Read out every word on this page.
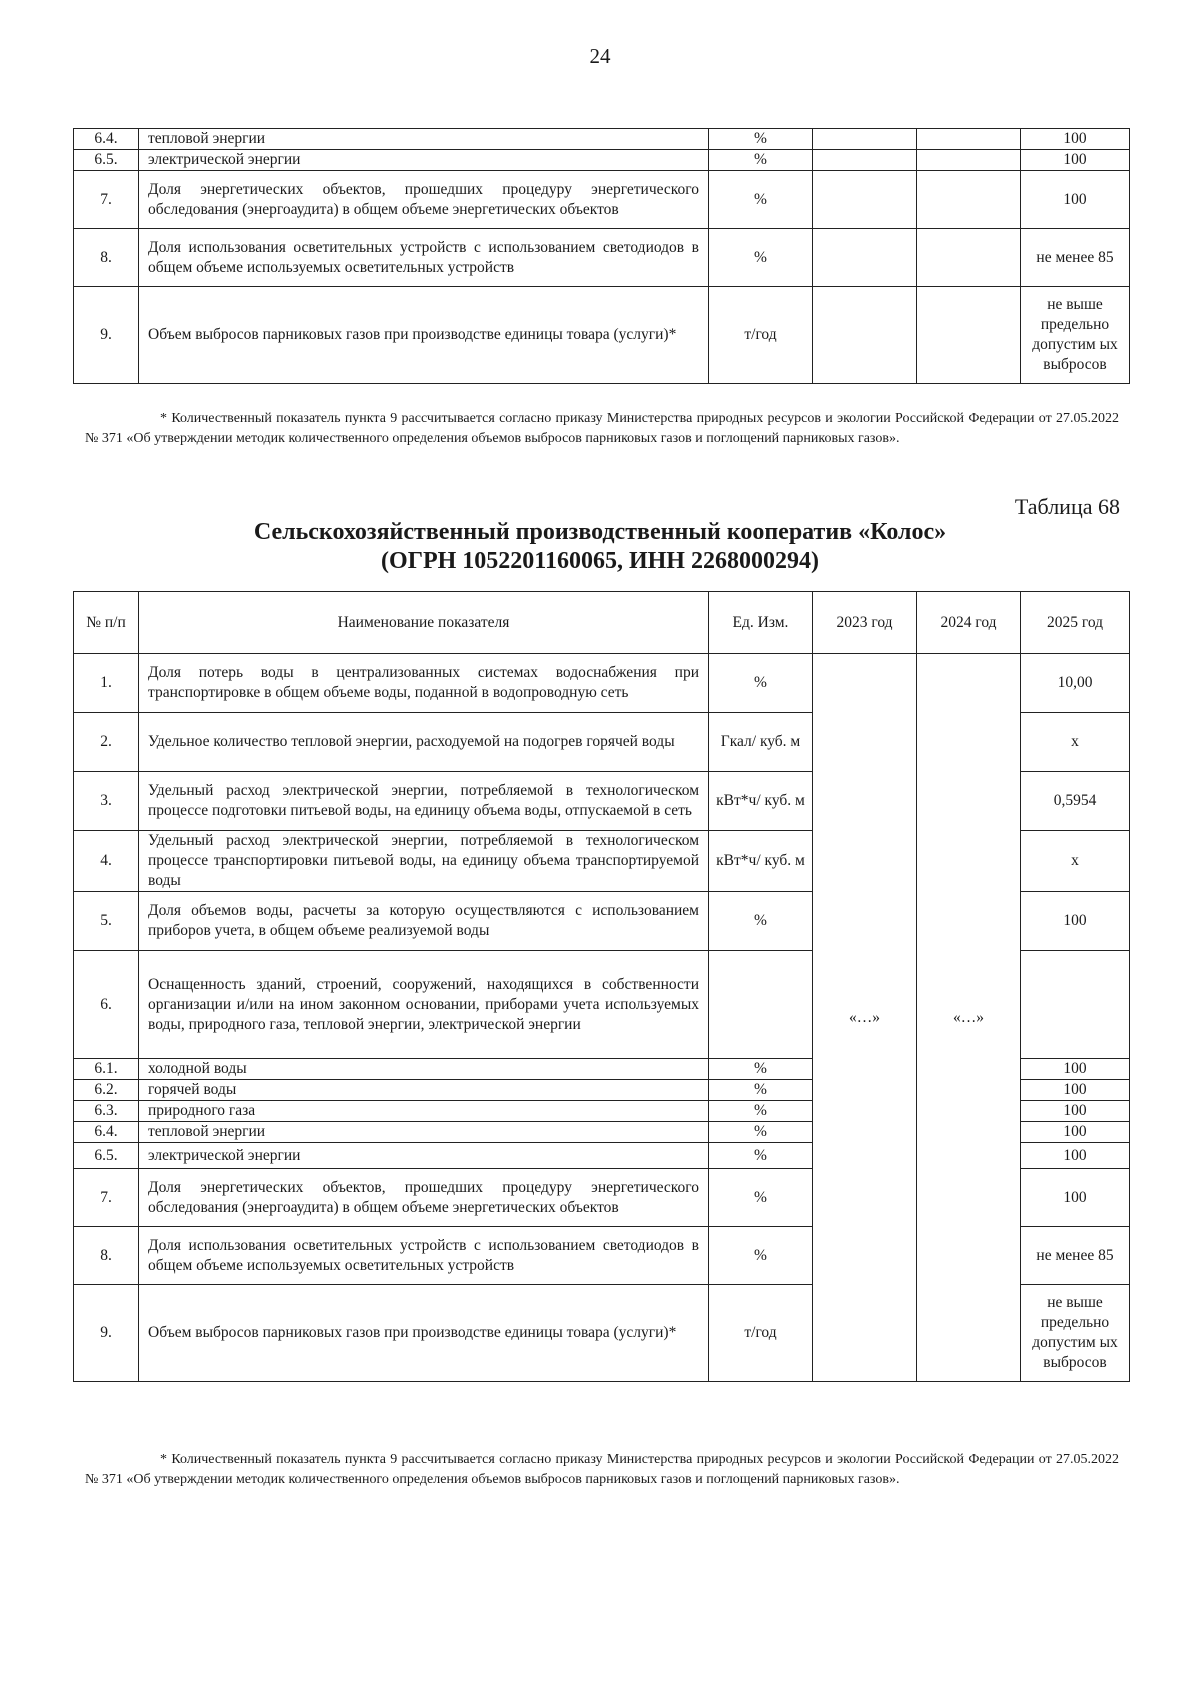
24
6.4.	тепловой энергии	%			100
6.5.	электрической энергии	%			100
7.	Доля энергетических объектов, прошедших процедуру энергетического обследования (энергоаудита) в общем объеме энергетических объектов	%			100
8.	Доля использования осветительных устройств с использованием светодиодов в общем объеме используемых осветительных устройств	%			не менее 85
9.	Объем выбросов парниковых газов при производстве единицы товара (услуги)*	т/год			не выше предельно допустим ых выбросов
* Количественный показатель пункта 9 рассчитывается согласно приказу Министерства природных ресурсов и экологии Российской Федерации от 27.05.2022 № 371 «Об утверждении методик количественного определения объемов выбросов парниковых газов и поглощений парниковых газов».
Таблица 68
Сельскохозяйственный производственный кооператив «Колос»
(ОГРН 1052201160065, ИНН 2268000294)
№ п/п	Наименование показателя	Ед. Изм.	2023 год	2024 год	2025 год
1.	Доля потерь воды в централизованных системах водоснабжения при транспортировке в общем объеме воды, поданной в водопроводную сеть	%	«…»	«…»	10,00
2.	Удельное количество тепловой энергии, расходуемой на подогрев горячей воды	Гкал/ куб. м			х
3.	Удельный расход электрической энергии, потребляемой в технологическом процессе подготовки питьевой воды, на единицу объема воды, отпускаемой в сеть	кВт*ч/ куб. м			0,5954
4.	Удельный расход электрической энергии, потребляемой в технологическом процессе транспортировки питьевой воды, на единицу объема транспортируемой воды	кВт*ч/ куб. м			х
5.	Доля объемов воды, расчеты за которую осуществляются с использованием приборов учета, в общем объеме реализуемой воды	%			100
6.	Оснащенность зданий, строений, сооружений, находящихся в собственности организации и/или на ином законном основании, приборами учета используемых воды, природного газа, тепловой энергии, электрической энергии				
6.1.	холодной воды	%			100
6.2.	горячей воды	%			100
6.3.	природного газа	%			100
6.4.	тепловой энергии	%			100
6.5.	электрической энергии	%			100
7.	Доля энергетических объектов, прошедших процедуру энергетического обследования (энергоаудита) в общем объеме энергетических объектов	%			100
8.	Доля использования осветительных устройств с использованием светодиодов в общем объеме используемых осветительных устройств	%			не менее 85
9.	Объем выбросов парниковых газов при производстве единицы товара (услуги)*	т/год			не выше предельно допустим ых выбросов
* Количественный показатель пункта 9 рассчитывается согласно приказу Министерства природных ресурсов и экологии Российской Федерации от 27.05.2022 № 371 «Об утверждении методик количественного определения объемов выбросов парниковых газов и поглощений парниковых газов».
